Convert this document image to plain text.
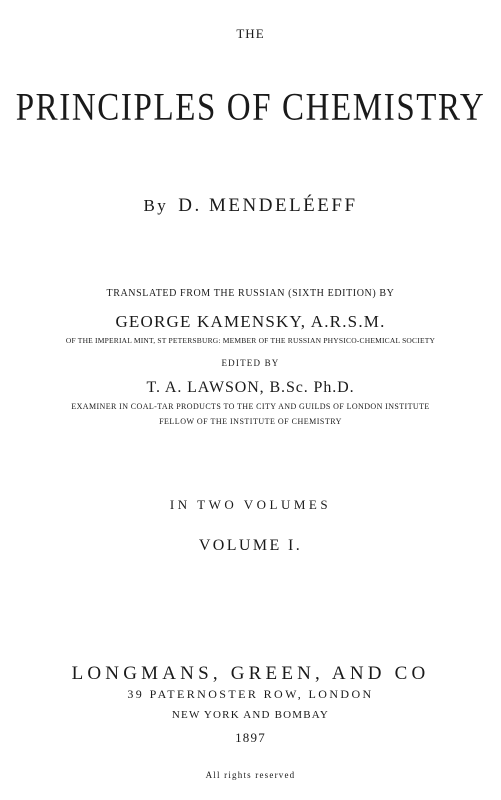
THE

PRINCIPLES OF CHEMISTRY

By D. MENDELÉEFF

TRANSLATED FROM THE RUSSIAN (SIXTH EDITION) BY

GEORGE KAMENSKY, A.R.S.M.

OF THE IMPERIAL MINT, ST PETERSBURG: MEMBER OF THE RUSSIAN PHYSICO-CHEMICAL SOCIETY

EDITED BY

T. A. LAWSON, B.Sc. Ph.D.

EXAMINER IN COAL-TAR PRODUCTS TO THE CITY AND GUILDS OF LONDON INSTITUTE

FELLOW OF THE INSTITUTE OF CHEMISTRY

IN TWO VOLUMES

VOLUME I.

LONGMANS, GREEN, AND CO

39 PATERNOSTER ROW, LONDON

NEW YORK AND BOMBAY

1897

All rights reserved
